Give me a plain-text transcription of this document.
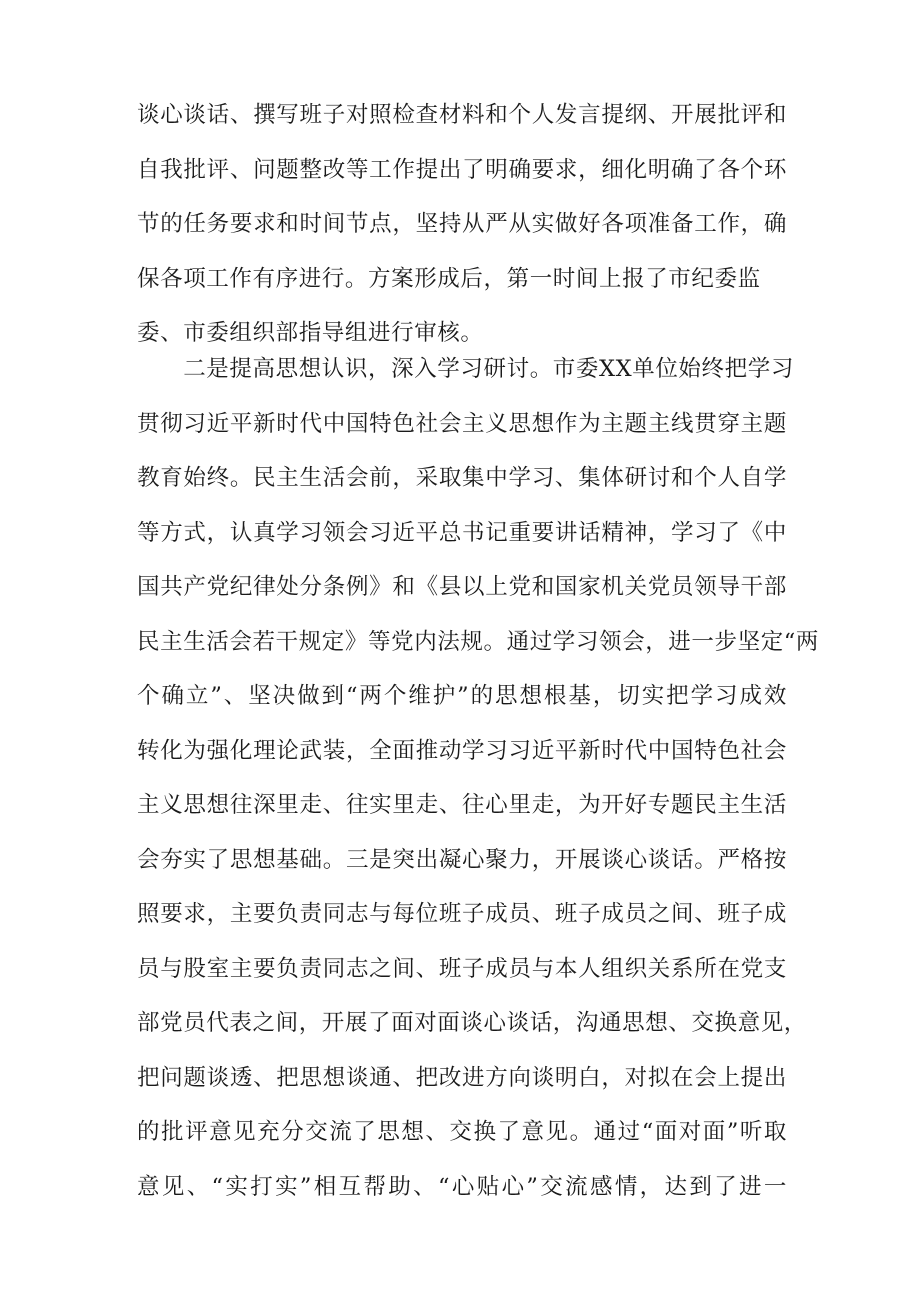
谈心谈话、撰写班子对照检查材料和个人发言提纲、开展批评和
自我批评、问题整改等工作提出了明确要求，细化明确了各个环
节的任务要求和时间节点，坚持从严从实做好各项准备工作，确
保各项工作有序进行。方案形成后，第一时间上报了市纪委监
委、市委组织部指导组进行审核。
　　二是提高思想认识，深入学习研讨。市委XX单位始终把学习
贯彻习近平新时代中国特色社会主义思想作为主题主线贯穿主题
教育始终。民主生活会前，采取集中学习、集体研讨和个人自学
等方式，认真学习领会习近平总书记重要讲话精神，学习了《中
国共产党纪律处分条例》和《县以上党和国家机关党员领导干部
民主生活会若干规定》等党内法规。通过学习领会，进一步坚定“两
个确立”、坚决做到“两个维护”的思想根基，切实把学习成效
转化为强化理论武装，全面推动学习习近平新时代中国特色社会
主义思想往深里走、往实里走、往心里走，为开好专题民主生活
会夯实了思想基础。三是突出凝心聚力，开展谈心谈话。严格按
照要求，主要负责同志与每位班子成员、班子成员之间、班子成
员与股室主要负责同志之间、班子成员与本人组织关系所在党支
部党员代表之间，开展了面对面谈心谈话，沟通思想、交换意见，
把问题谈透、把思想谈通、把改进方向谈明白，对拟在会上提出
的批评意见充分交流了思想、交换了意见。通过“面对面”听取
意见、“实打实”相互帮助、“心贴心”交流感情，达到了进一
